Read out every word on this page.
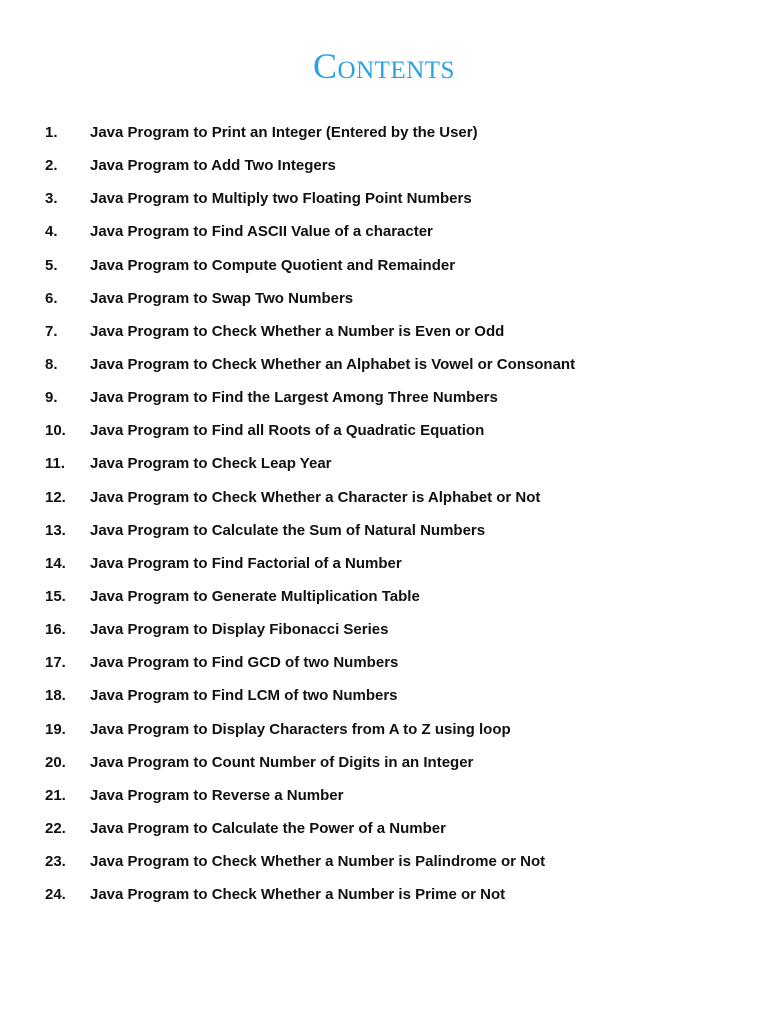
Contents
1.	Java Program to Print an Integer (Entered by the User)
2.	Java Program to Add Two Integers
3.	Java Program to Multiply two Floating Point Numbers
4.	Java Program to Find ASCII Value of a character
5.	Java Program to Compute Quotient and Remainder
6.	Java Program to Swap Two Numbers
7.	Java Program to Check Whether a Number is Even or Odd
8.	Java Program to Check Whether an Alphabet is Vowel or Consonant
9.	Java Program to Find the Largest Among Three Numbers
10.	Java Program to Find all Roots of a Quadratic Equation
11.	Java Program to Check Leap Year
12.	Java Program to Check Whether a Character is Alphabet or Not
13.	Java Program to Calculate the Sum of Natural Numbers
14.	Java Program to Find Factorial of a Number
15.	Java Program to Generate Multiplication Table
16.	Java Program to Display Fibonacci Series
17.	Java Program to Find GCD of two Numbers
18.	Java Program to Find LCM of two Numbers
19.	Java Program to Display Characters from A to Z using loop
20.	Java Program to Count Number of Digits in an Integer
21.	Java Program to Reverse a Number
22.	Java Program to Calculate the Power of a Number
23.	Java Program to Check Whether a Number is Palindrome or Not
24.	Java Program to Check Whether a Number is Prime or Not
